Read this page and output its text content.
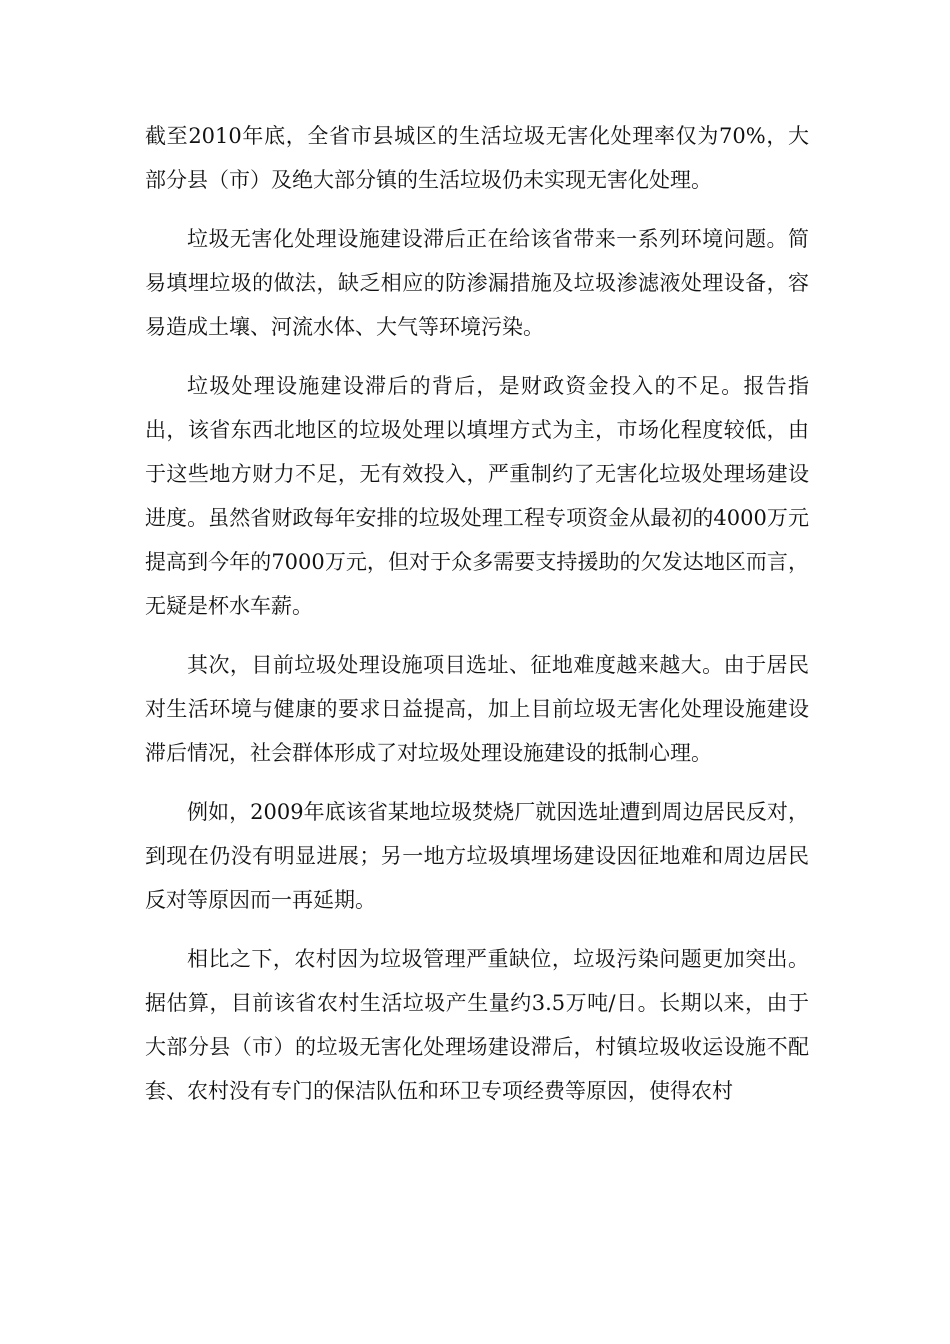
截至2010年底，全省市县城区的生活垃圾无害化处理率仅为70%，大部分县（市）及绝大部分镇的生活垃圾仍未实现无害化处理。

垃圾无害化处理设施建设滞后正在给该省带来一系列环境问题。简易填埋垃圾的做法，缺乏相应的防渗漏措施及垃圾渗滤液处理设备，容易造成土壤、河流水体、大气等环境污染。

垃圾处理设施建设滞后的背后，是财政资金投入的不足。报告指出，该省东西北地区的垃圾处理以填埋方式为主，市场化程度较低，由于这些地方财力不足，无有效投入，严重制约了无害化垃圾处理场建设进度。虽然省财政每年安排的垃圾处理工程专项资金从最初的4000万元提高到今年的7000万元，但对于众多需要支持援助的欠发达地区而言，无疑是杯水车薪。

其次，目前垃圾处理设施项目选址、征地难度越来越大。由于居民对生活环境与健康的要求日益提高，加上目前垃圾无害化处理设施建设滞后情况，社会群体形成了对垃圾处理设施建设的抵制心理。

例如，2009年底该省某地垃圾焚烧厂就因选址遭到周边居民反对，到现在仍没有明显进展；另一地方垃圾填埋场建设因征地难和周边居民反对等原因而一再延期。

相比之下，农村因为垃圾管理严重缺位，垃圾污染问题更加突出。据估算，目前该省农村生活垃圾产生量约3.5万吨/日。长期以来，由于大部分县（市）的垃圾无害化处理场建设滞后，村镇垃圾收运设施不配套、农村没有专门的保洁队伍和环卫专项经费等原因，使得农村
